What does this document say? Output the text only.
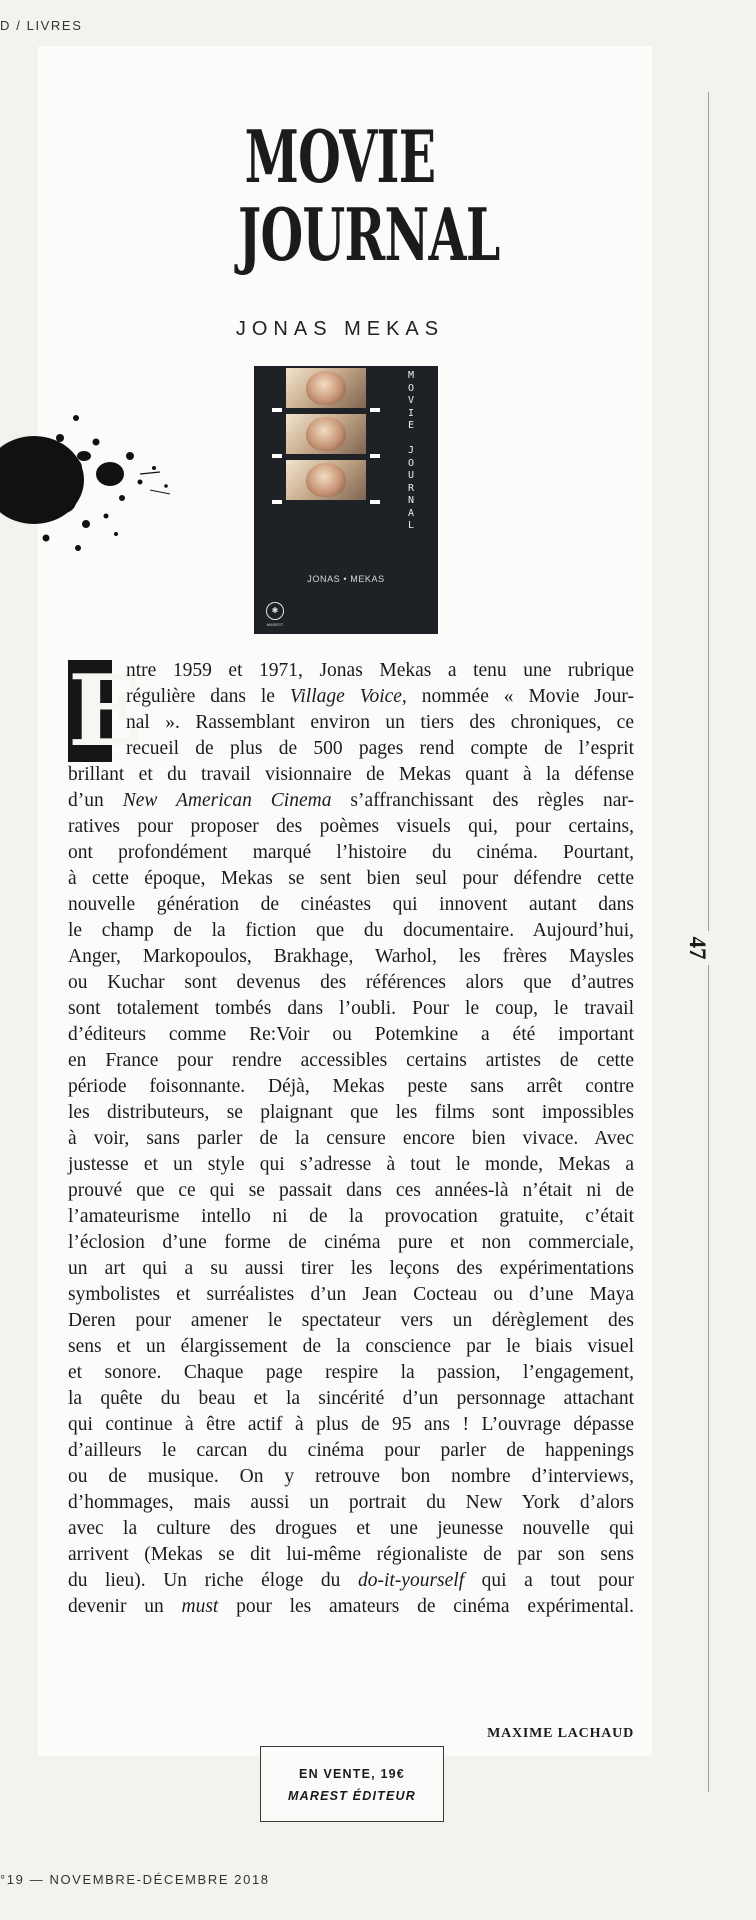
D / LIVRES
47
MOVIE
JOURNAL
JONAS MEKAS
M
O
V
I
E
J
O
U
R
N
A
L
JONAS • MEKAS
✱
MAREST
E
ntre 1959 et 1971, Jonas Mekas a tenu une rubrique
régulière dans le Village Voice, nommée « Movie Jour-
nal ». Rassemblant environ un tiers des chroniques, ce
recueil de plus de 500 pages rend compte de l’esprit
brillant et du travail visionnaire de Mekas quant à la défense
d’un New American Cinema s’affranchissant des règles nar-
ratives pour proposer des poèmes visuels qui, pour certains,
ont profondément marqué l’histoire du cinéma. Pourtant,
à cette époque, Mekas se sent bien seul pour défendre cette
nouvelle génération de cinéastes qui innovent autant dans
le champ de la fiction que du documentaire. Aujourd’hui,
Anger, Markopoulos, Brakhage, Warhol, les frères Maysles
ou Kuchar sont devenus des références alors que d’autres
sont totalement tombés dans l’oubli. Pour le coup, le travail
d’éditeurs comme Re:Voir ou Potemkine a été important
en France pour rendre accessibles certains artistes de cette
période foisonnante. Déjà, Mekas peste sans arrêt contre
les distributeurs, se plaignant que les films sont impossibles
à voir, sans parler de la censure encore bien vivace. Avec
justesse et un style qui s’adresse à tout le monde, Mekas a
prouvé que ce qui se passait dans ces années-là n’était ni de
l’amateurisme intello ni de la provocation gratuite, c’était
l’éclosion d’une forme de cinéma pure et non commerciale,
un art qui a su aussi tirer les leçons des expérimentations
symbolistes et surréalistes d’un Jean Cocteau ou d’une Maya
Deren pour amener le spectateur vers un dérèglement des
sens et un élargissement de la conscience par le biais visuel
et sonore. Chaque page respire la passion, l’engagement,
la quête du beau et la sincérité d’un personnage attachant
qui continue à être actif à plus de 95 ans ! L’ouvrage dépasse
d’ailleurs le carcan du cinéma pour parler de happenings
ou de musique. On y retrouve bon nombre d’interviews,
d’hommages, mais aussi un portrait du New York d’alors
avec la culture des drogues et une jeunesse nouvelle qui
arrivent (Mekas se dit lui-même régionaliste de par son sens
du lieu). Un riche éloge du do-it-yourself qui a tout pour
devenir un must pour les amateurs de cinéma expérimental.
MAXIME LACHAUD
EN VENTE, 19€
MAREST ÉDITEUR
°19 — NOVEMBRE-DÉCEMBRE 2018
